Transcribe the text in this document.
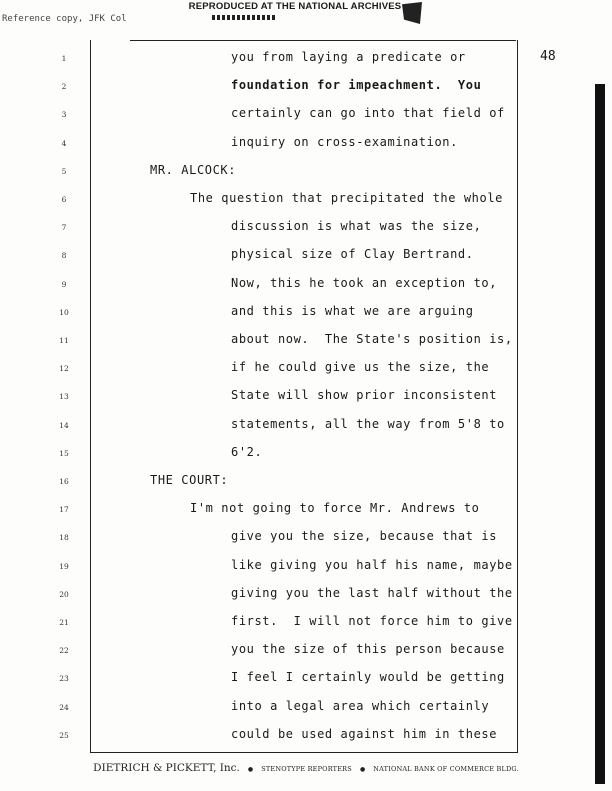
REPRODUCED AT THE NATIONAL ARCHIVES
Reference copy, JFK Col
48
1	you from laying a predicate or
2	foundation for impeachment.  You
3	certainly can go into that field of
4	inquiry on cross-examination.
5	MR. ALCOCK:
6	The question that precipitated the whole
7	discussion is what was the size,
8	physical size of Clay Bertrand.
9	Now, this he took an exception to,
10	and this is what we are arguing
11	about now.  The State's position is,
12	if he could give us the size, the
13	State will show prior inconsistent
14	statements, all the way from 5'8 to
15	6'2.
16	THE COURT:
17	I'm not going to force Mr. Andrews to
18	give you the size, because that is
19	like giving you half his name, maybe
20	giving you the last half without the
21	first.  I will not force him to give
22	you the size of this person because
23	I feel I certainly would be getting
24	into a legal area which certainly
25	could be used against him in these
DIETRICH & PICKETT, Inc. ● STENOTYPE REPORTERS ● NATIONAL BANK OF COMMERCE BLDG.
